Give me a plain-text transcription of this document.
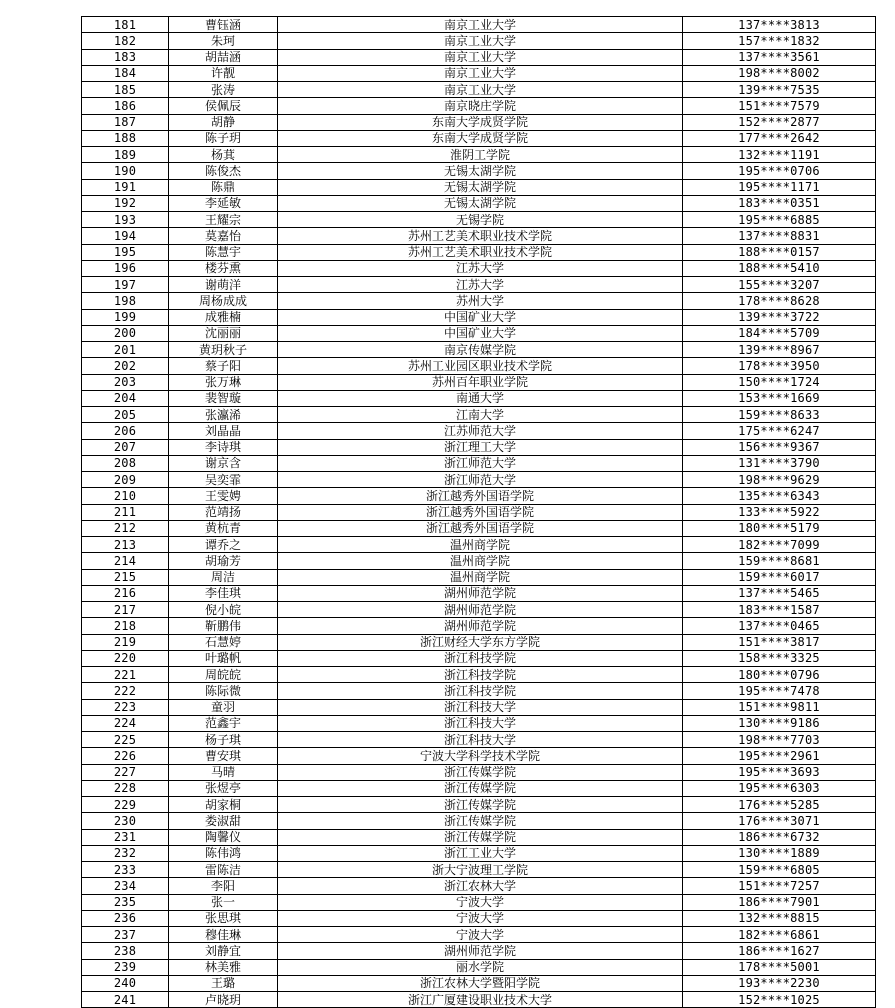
181	曹钰涵	南京工业大学	137****3813
182	朱珂	南京工业大学	157****1832
183	胡喆涵	南京工业大学	137****3561
184	许靓	南京工业大学	198****8002
185	张涛	南京工业大学	139****7535
186	侯佩辰	南京晓庄学院	151****7579
187	胡静	东南大学成贤学院	152****2877
188	陈子玥	东南大学成贤学院	177****2642
189	杨萁	淮阴工学院	132****1191
190	陈俊杰	无锡太湖学院	195****0706
191	陈鼎	无锡太湖学院	195****1171
192	李延敏	无锡太湖学院	183****0351
193	王耀宗	无锡学院	195****6885
194	莫嘉怡	苏州工艺美术职业技术学院	137****8831
195	陈慧宇	苏州工艺美术职业技术学院	188****0157
196	楼芬熏	江苏大学	188****5410
197	谢萌洋	江苏大学	155****3207
198	周杨成成	苏州大学	178****8628
199	成雅楠	中国矿业大学	139****3722
200	沈丽丽	中国矿业大学	184****5709
201	黄玥秋子	南京传媒学院	139****8967
202	蔡子阳	苏州工业园区职业技术学院	178****3950
203	张万琳	苏州百年职业学院	150****1724
204	裴智璇	南通大学	153****1669
205	张瀛浠	江南大学	159****8633
206	刘晶晶	江苏师范大学	175****6247
207	李诗琪	浙江理工大学	156****9367
208	谢京含	浙江师范大学	131****3790
209	吴奕霏	浙江师范大学	198****9629
210	王雯娉	浙江越秀外国语学院	135****6343
211	范靖扬	浙江越秀外国语学院	133****5922
212	黄杭青	浙江越秀外国语学院	180****5179
213	谭乔之	温州商学院	182****7099
214	胡瑜芳	温州商学院	159****8681
215	周洁	温州商学院	159****6017
216	李佳琪	湖州师范学院	137****5465
217	倪小皖	湖州师范学院	183****1587
218	靳鹏伟	湖州师范学院	137****0465
219	石慧婷	浙江财经大学东方学院	151****3817
220	叶璐帆	浙江科技学院	158****3325
221	周皖皖	浙江科技学院	180****0796
222	陈际微	浙江科技学院	195****7478
223	童羽	浙江科技大学	151****9811
224	范鑫宇	浙江科技大学	130****9186
225	杨子琪	浙江科技大学	198****7703
226	曹安琪	宁波大学科学技术学院	195****2961
227	马晴	浙江传媒学院	195****3693
228	张煜亭	浙江传媒学院	195****6303
229	胡家桐	浙江传媒学院	176****5285
230	娄淑甜	浙江传媒学院	176****3071
231	陶馨仪	浙江传媒学院	186****6732
232	陈伟鸿	浙江工业大学	130****1889
233	雷陈洁	浙大宁波理工学院	159****6805
234	李阳	浙江农林大学	151****7257
235	张一	宁波大学	186****7901
236	张思琪	宁波大学	132****8815
237	穆佳琳	宁波大学	182****6861
238	刘静宜	湖州师范学院	186****1627
239	林美雅	丽水学院	178****5001
240	王璐	浙江农林大学暨阳学院	193****2230
241	卢晓玥	浙江广厦建设职业技术大学	152****1025
